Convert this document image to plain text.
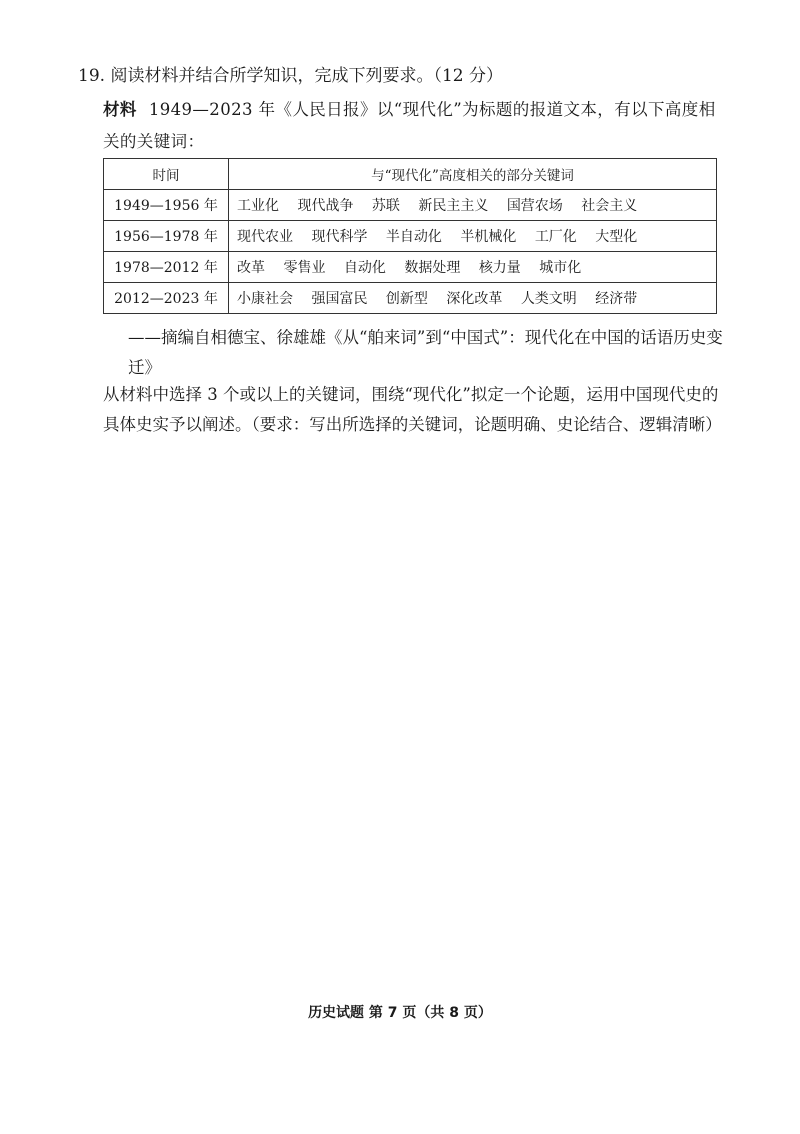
19. 阅读材料并结合所学知识，完成下列要求。（12 分）
材料 1949—2023 年《人民日报》以“现代化”为标题的报道文本，有以下高度相关的关键词：
时间	与“现代化”高度相关的部分关键词
1949—1956 年	工业化 现代战争 苏联 新民主主义 国营农场 社会主义
1956—1978 年	现代农业 现代科学 半自动化 半机械化 工厂化 大型化
1978—2012 年	改革 零售业 自动化 数据处理 核力量 城市化
2012—2023 年	小康社会 强国富民 创新型 深化改革 人类文明 经济带
——摘编自相德宝、徐雄雄《从“舶来词”到“中国式”：现代化在中国的话语历史变迁》
从材料中选择 3 个或以上的关键词，围绕“现代化”拟定一个论题，运用中国现代史的具体史实予以阐述。（要求：写出所选择的关键词，论题明确、史论结合、逻辑清晰）
历史试题 第 7 页（共 8 页）
